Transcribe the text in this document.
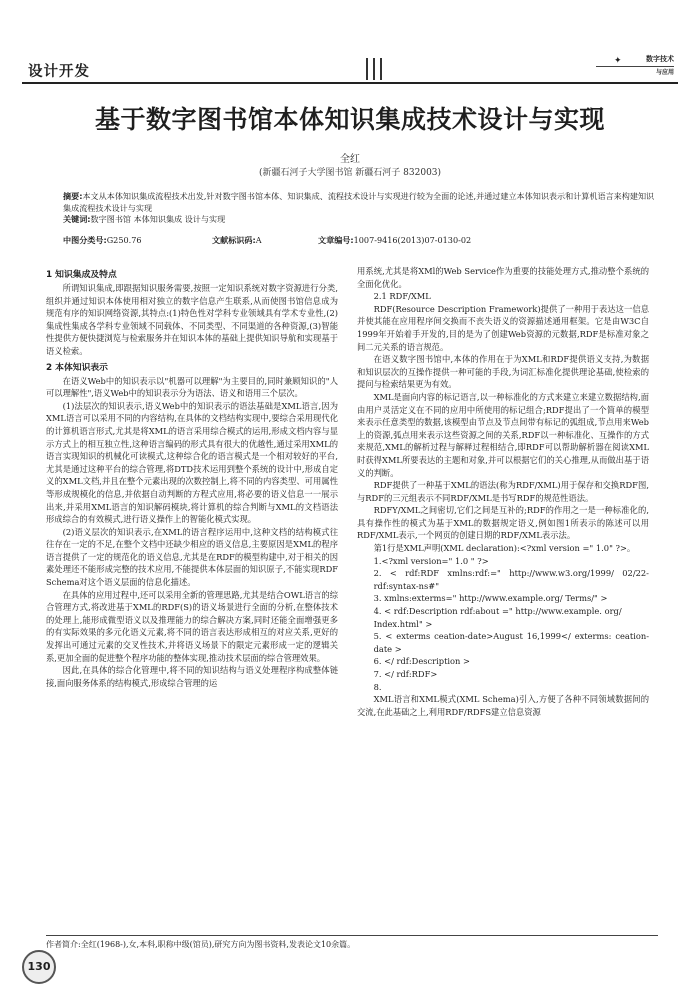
设计开发
✦	数字技术
与应用
基于数字图书馆本体知识集成技术设计与实现
全红
(新疆石河子大学图书馆 新疆石河子 832003)
摘要:本文从本体知识集成流程技术出发,针对数字图书馆本体、知识集成、流程技术设计与实现进行较为全面的论述,并通过建立本体知识表示和计算机语言来构建知识集成流程技术设计与实现
关键词:数字图书馆 本体知识集成 设计与实现
中图分类号:G250.76	文献标识码:A	文章编号:1007-9416(2013)07-0130-02
1 知识集成及特点

所谓知识集成,即跟据知识服务需要,按照一定知识系统对数字资源进行分类,组织并通过知识本体使用相对独立的数字信息产生联系,从而使图书馆信息成为规范有序的知识网络资源,其特点:(1)特色性对学科专业领域具有学术专业性,(2)集成性集成各学科专业领域不同载体、不同类型、不同渠道的各种资源,(3)智能性提供方便快捷浏览与检索服务并在知识本体的基础上提供知识导航和实现基于语义检索。

2 本体知识表示

在语义Web中的知识表示以"机器可以理解"为主要目的,同时兼顾知识的"人可以理解性",语义Web中的知识表示分为语法、语义和语用三个层次。

(1)法层次的知识表示,语义Web中的知识表示的语法基础是XML语言,因为XML语言可以采用不同的内容结构,在具体的文档结构实现中,要综合采用现代化的计算机语言形式,尤其是将XML的语言采用综合模式的运用,形成文档内容与显示方式上的相互独立性,这种语言编码的形式具有很大的优越性,通过采用XML的语言实现知识的机械化可读模式,这种综合化的语言模式是一个相对较好的平台,尤其是通过这种平台的综合管理,将DTD技术运用到整个系统的设计中,形成自定义的XML文档,并且在整个元素出现的次数控制上,将不同的内容类型、可用属性等形成规模化的信息,并依据自动判断的方程式应用,将必要的语义信息一一展示出来,并采用XML语言的知识解码模块,将计算机的综合判断与XML的文档语法形成综合的有效模式,进行语义操作上的智能化模式实现。

(2)语义层次的知识表示,在XML的语言程序运用中,这种文档的结构模式往往存在一定的不足,在整个文档中还缺少相应的语义信息,主要原因是XML的程序语言提供了一定的规范化的语义信息,尤其是在RDF的模型构建中,对于相关的因素处理还不能形成完整的技术应用,不能提供本体层面的知识原子,不能实现RDF Schema对这个语义层面的信息化描述。

在具体的应用过程中,还可以采用全新的管理思路,尤其是结合OWL语言的综合管理方式,将改进基于XML的RDF(S)的语义场景进行全面的分析,在整体技术的处理上,能形成微型语义以及推理能力的综合解决方案,同时还能全面增强更多的有实际效果的多元化语义元素,将不同的语言表达形成相互的对应关系,更好的发挥出可通过元素的交叉性技术,并将语义场景下的限定元素形成一定的逻辑关系,更加全面的促进整个程序功能的整体实现,推动技术层面的综合管理效果。

因此,在具体的综合化管理中,将不同的知识结构与语义处理程序构成整体链接,面向服务体系的结构模式,形成综合管理的运

用系统,尤其是将XMl的Web Service作为重要的技能处理方式,推动整个系统的全面化优化。

2.1 RDF/XML

RDF(Resource Description Framework)提供了一种用于表达这一信息并使其能在应用程序间交换而不丧失语义的资源描述通用框架。它是由W3C自1999年开始着手开发的,目的是为了创建Web资源的元数据,RDF是标准对象之间二元关系的语言规范。

在语义数字图书馆中,本体的作用在于为XML和RDF提供语义支持,为数据和知识层次的互操作提供一种可能的手段,为词汇标准化提供理论基础,使检索的提问与检索结果更为有效。

XML是面向内容的标记语言,以一种标准化的方式来建立来建立数据结构,面由用户灵活定义在不同的应用中所使用的标记组合;RDF提出了一个简单的模型来表示任意类型的数据,该模型由节点及节点间带有标记的弧组成,节点用来Web上的资源,弧点用来表示这些资源之间的关系,RDF以一种标准化、互操作的方式来规范,XML的解析过程与解释过程相结合,即RDF可以帮助解析器在阅读XML时获得XML所要表达的主题和对象,并可以根据它们的关心推理,从而做出基于语义的判断。

RDF提供了一种基于XML的语法(称为RDF/XML)用于保存和交换RDF图,与RDF的三元组表示不同RDF/XML是书写RDF的规范性语法。

RDFY/XML之间密切,它们之间是互补的;RDF的作用之一是一种标准化的,具有操作性的模式为基于XML的数据规定语义,例如图1所表示的陈述可以用RDF/XML表示,一个网页的创建日期的RDF/XML表示法。

第1行是XML声明(XML declaration):<?xml version =" 1.0" ?>。

1.<?xml version=" 1.0 " ?>

2. < rdf:RDF xmlns:rdf:=" http://www.w3.org/1999/ 02/22- rdf:syntax-ns#"

3. xmlns:exterms=" http://www.example.org/ Terms/" >

4. < rdf:Description rdf:about =" http://www.example. org/

Index.html" >

5. < exterms ceation-date>August 16,1999</ exterms: ceation-date >

6. </ rdf:Description >

7. </ rdf:RDF>

8.

XML语言和XML模式(XML Schema)引入,方便了各种不同领域数据间的交流,在此基础之上,利用RDF/RDFS建立信息资源

作者简介:全红(1968-),女,本科,职称中级(馆员),研究方向为图书资料,发表论文10余篇。
130
